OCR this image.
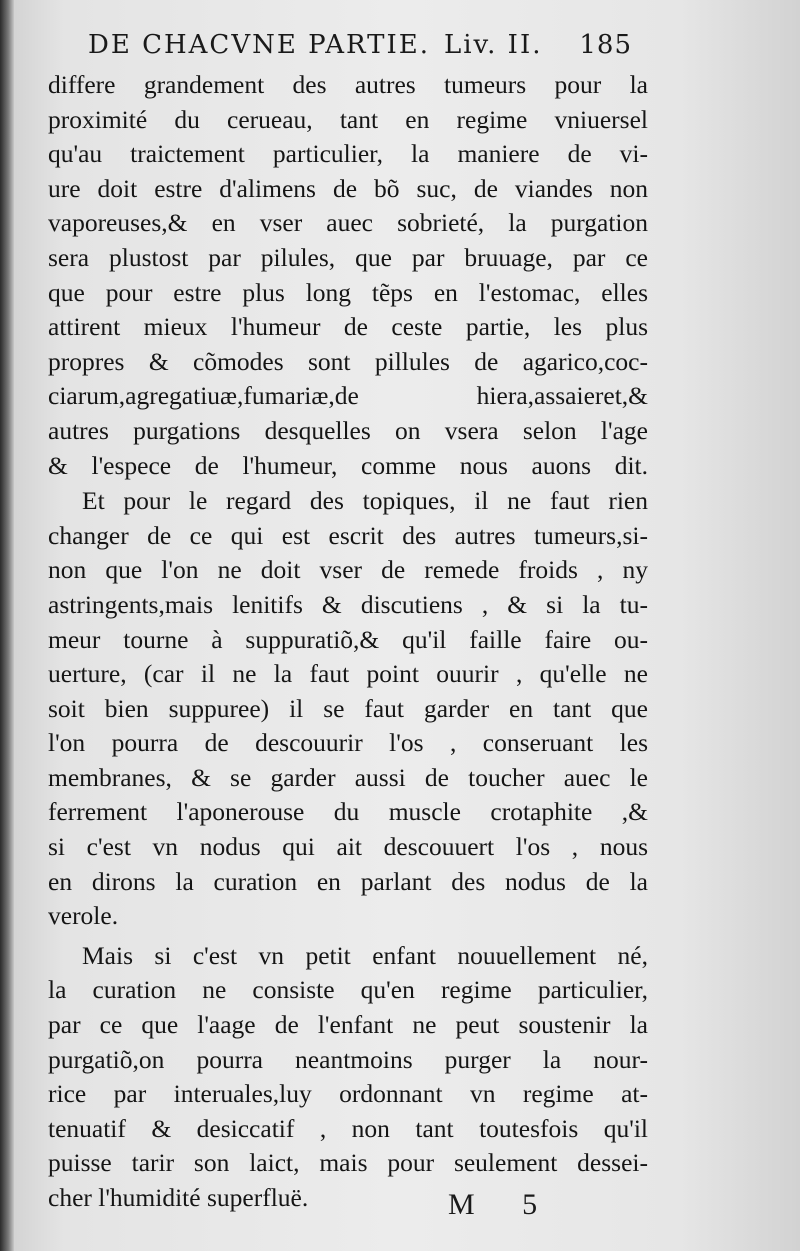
DE CHACVNE PARTIE. Liv. II. 185

differe grandement des autres tumeurs pour la
proximité du cerueau, tant en regime vniuersel
qu'au traictement particulier, la maniere de vi-
ure doit estre d'alimens de bõ suc, de viandes non
vaporeuses,& en vser auec sobrieté, la purgation
sera plustost par pilules, que par bruuage, par ce
que pour estre plus long tẽps en l'estomac, elles
attirent mieux l'humeur de ceste partie, les plus
propres & cõmodes sont pillules de agarico,coc-
ciarum,agregatiuæ,fumariæ,de hiera,assaieret,&
autres purgations desquelles on vsera selon l'age
& l'espece de l'humeur, comme nous auons dit.

Et pour le regard des topiques, il ne faut rien
changer de ce qui est escrit des autres tumeurs,si-
non que l'on ne doit vser de remede froids , ny
astringents,mais lenitifs & discutiens , & si la tu-
meur tourne à suppuratiõ,& qu'il faille faire ou-
uerture, (car il ne la faut point ouurir , qu'elle ne
soit bien suppuree) il se faut garder en tant que
l'on pourra de descouurir l'os , conseruant les
membranes, & se garder aussi de toucher auec le
ferrement l'aponerouse du muscle crotaphite ,&
si c'est vn nodus qui ait descouuert l'os , nous
en dirons la curation en parlant des nodus de la
verole.

Mais si c'est vn petit enfant nouuellement né,
la curation ne consiste qu'en regime particulier,
par ce que l'aage de l'enfant ne peut soustenir la
purgatiõ,on pourra neantmoins purger la nour-
rice par interuales,luy ordonnant vn regime at-
tenuatif & desiccatif , non tant toutesfois qu'il
puisse tarir son laict, mais pour seulement dessei-
cher l'humidité superfluë.	M 5
